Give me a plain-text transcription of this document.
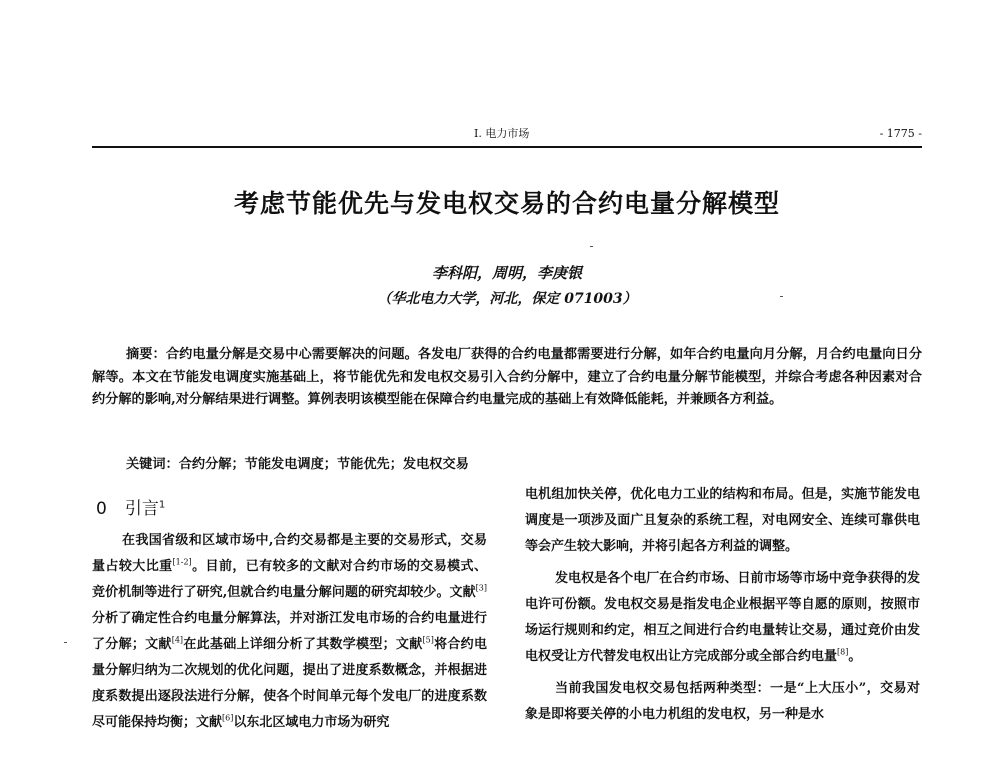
I. 电力市场	- 1775 -
考虑节能优先与发电权交易的合约电量分解模型
李科阳，周明，李庚银
（华北电力大学，河北，保定 071003）
摘要：合约电量分解是交易中心需要解决的问题。各发电厂获得的合约电量都需要进行分解，如年合约电量向月分解，月合约电量向日分解等。本文在节能发电调度实施基础上，将节能优先和发电权交易引入合约分解中，建立了合约电量分解节能模型，并综合考虑各种因素对合约分解的影响,对分解结果进行调整。算例表明该模型能在保障合约电量完成的基础上有效降低能耗，并兼顾各方利益。
关键词：合约分解；节能发电调度；节能优先；发电权交易
0 引言$^1$

在我国省级和区域市场中,合约交易都是主要的交易形式，交易量占较大比重[1-2]。目前，已有较多的文献对合约市场的交易模式、竞价机制等进行了研究,但就合约电量分解问题的研究却较少。文献[3]分析了确定性合约电量分解算法，并对浙江发电市场的合约电量进行了分解；文献[4]在此基础上详细分析了其数学模型；文献[5]将合约电量分解归纳为二次规划的优化问题，提出了进度系数概念，并根据进度系数提出逐段法进行分解，使各个时间单元每个发电厂的进度系数尽可能保持均衡；文献[6]以东北区域电力市场为研究

电机组加快关停，优化电力工业的结构和布局。但是，实施节能发电调度是一项涉及面广且复杂的系统工程，对电网安全、连续可靠供电等会产生较大影响，并将引起各方利益的调整。

发电权是各个电厂在合约市场、日前市场等市场中竞争获得的发电许可份额。发电权交易是指发电企业根据平等自愿的原则，按照市场运行规则和约定，相互之间进行合约电量转让交易，通过竞价由发电权受让方代替发电权出让方完成部分或全部合约电量[8]。

当前我国发电权交易包括两种类型：一是“上大压小”，交易对象是即将要关停的小电力机组的发电权，另一种是水
